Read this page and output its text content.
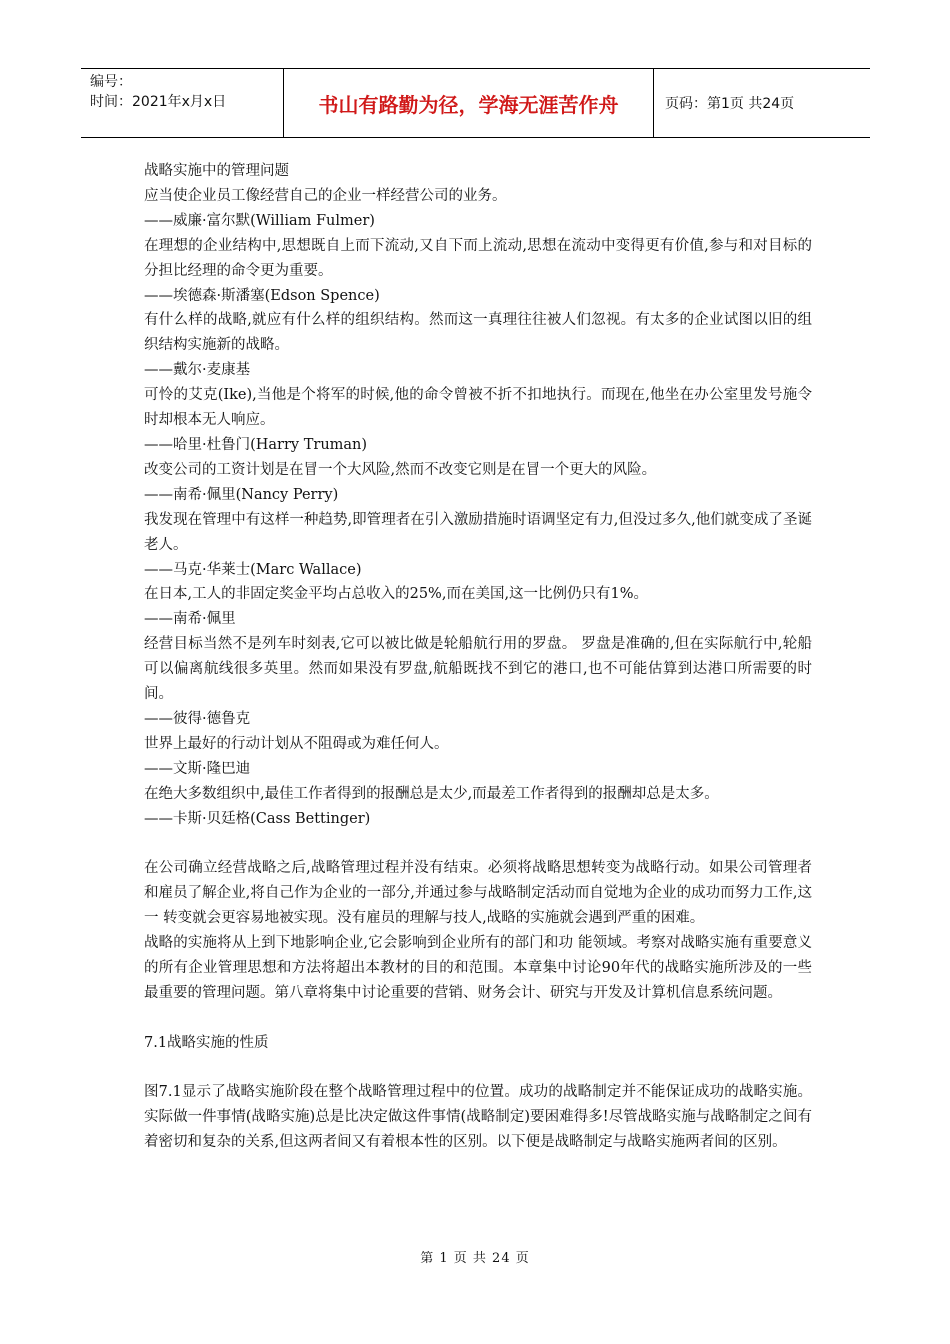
编号：
时间：2021年x月x日	书山有路勤为径，学海无涯苦作舟	页码：第1页 共24页
战略实施中的管理问题
应当使企业员工像经营自己的企业一样经营公司的业务。
——威廉·富尔默(William Fulmer)
在理想的企业结构中,思想既自上而下流动,又自下而上流动,思想在流动中变得更有价值,参与和对目标的分担比经理的命令更为重要。
——埃德森·斯潘塞(Edson Spence)
有什么样的战略,就应有什么样的组织结构。然而这一真理往往被人们忽视。有太多的企业试图以旧的组织结构实施新的战略。
——戴尔·麦康基
可怜的艾克(Ike),当他是个将军的时候,他的命令曾被不折不扣地执行。而现在,他坐在办公室里发号施令时却根本无人响应。
——哈里·杜鲁门(Harry Truman)
改变公司的工资计划是在冒一个大风险,然而不改变它则是在冒一个更大的风险。
——南希·佩里(Nancy Perry)
我发现在管理中有这样一种趋势,即管理者在引入激励措施时语调坚定有力,但没过多久,他们就变成了圣诞老人。
——马克·华莱士(Marc Wallace)
在日本,工人的非固定奖金平均占总收入的25%,而在美国,这一比例仍只有1%。
——南希·佩里
经营目标当然不是列车时刻表,它可以被比做是轮船航行用的罗盘。 罗盘是准确的,但在实际航行中,轮船可以偏离航线很多英里。然而如果没有罗盘,航船既找不到它的港口,也不可能估算到达港口所需要的时间。
——彼得·德鲁克
世界上最好的行动计划从不阻碍或为难任何人。
——文斯·隆巴迪
在绝大多数组织中,最佳工作者得到的报酬总是太少,而最差工作者得到的报酬却总是太多。
——卡斯·贝廷格(Cass Bettinger)
在公司确立经营战略之后,战略管理过程并没有结束。必须将战略思想转变为战略行动。如果公司管理者和雇员了解企业,将自己作为企业的一部分,并通过参与战略制定活动而自觉地为企业的成功而努力工作,这一 转变就会更容易地被实现。没有雇员的理解与技人,战略的实施就会遇到严重的困难。
战略的实施将从上到下地影响企业,它会影响到企业所有的部门和功 能领域。考察对战略实施有重要意义的所有企业管理思想和方法将超出本教材的目的和范围。本章集中讨论90年代的战略实施所涉及的一些最重要的管理问题。第八章将集中讨论重要的营销、财务会计、研究与开发及计算机信息系统问题。
7.1战略实施的性质
图7.1显示了战略实施阶段在整个战略管理过程中的位置。成功的战略制定并不能保证成功的战略实施。实际做一件事情(战略实施)总是比决定做这件事情(战略制定)要困难得多!尽管战略实施与战略制定之间有着密切和复杂的关系,但这两者间又有着根本性的区别。以下便是战略制定与战略实施两者间的区别。
第 1 页 共 24 页
